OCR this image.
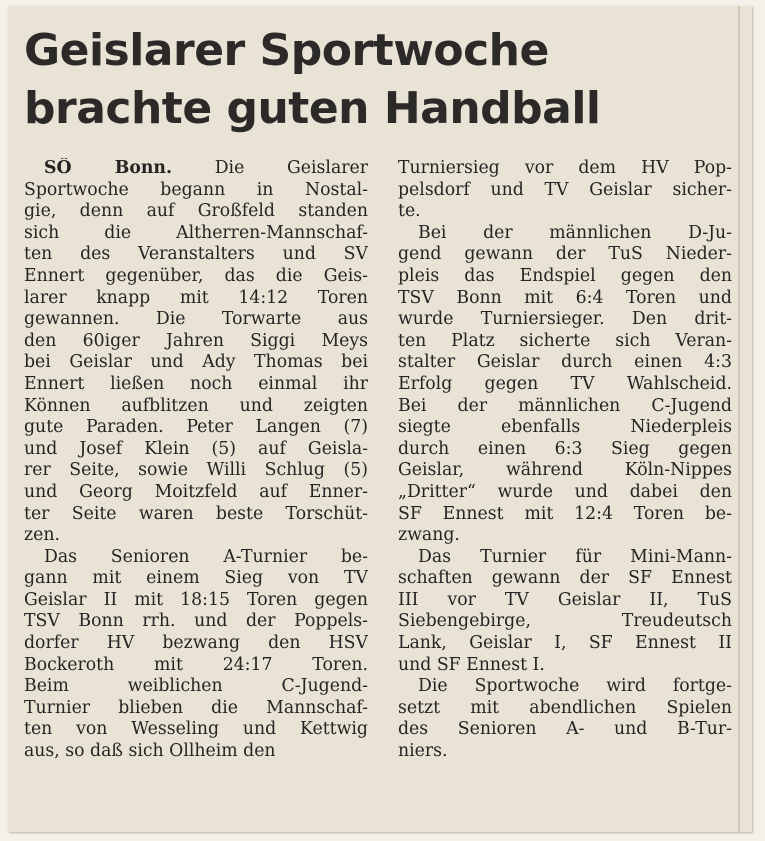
Geislarer Sportwoche
brachte guten Handball
SÖ Bonn. Die Geislarer
Sportwoche begann in Nostal-
gie, denn auf Großfeld standen
sich die Altherren-Mannschaf-
ten des Veranstalters und SV
Ennert gegenüber, das die Geis-
larer knapp mit 14:12 Toren
gewannen. Die Torwarte aus
den 60iger Jahren Siggi Meys
bei Geislar und Ady Thomas bei
Ennert ließen noch einmal ihr
Können aufblitzen und zeigten
gute Paraden. Peter Langen (7)
und Josef Klein (5) auf Geisla-
rer Seite, sowie Willi Schlug (5)
und Georg Moitzfeld auf Enner-
ter Seite waren beste Torschüt-
zen.
Das Senioren A-Turnier be-
gann mit einem Sieg von TV
Geislar II mit 18:15 Toren gegen
TSV Bonn rrh. und der Poppels-
dorfer HV bezwang den HSV
Bockeroth mit 24:17 Toren.
Beim weiblichen C-Jugend-
Turnier blieben die Mannschaf-
ten von Wesseling und Kettwig
aus, so daß sich Ollheim den
Turniersieg vor dem HV Pop-
pelsdorf und TV Geislar sicher-
te.
Bei der männlichen D-Ju-
gend gewann der TuS Nieder-
pleis das Endspiel gegen den
TSV Bonn mit 6:4 Toren und
wurde Turniersieger. Den drit-
ten Platz sicherte sich Veran-
stalter Geislar durch einen 4:3
Erfolg gegen TV Wahlscheid.
Bei der männlichen C-Jugend
siegte ebenfalls Niederpleis
durch einen 6:3 Sieg gegen
Geislar, während Köln-Nippes
„Dritter“ wurde und dabei den
SF Ennest mit 12:4 Toren be-
zwang.
Das Turnier für Mini-Mann-
schaften gewann der SF Ennest
III vor TV Geislar II, TuS
Siebengebirge, Treudeutsch
Lank, Geislar I, SF Ennest II
und SF Ennest I.
Die Sportwoche wird fortge-
setzt mit abendlichen Spielen
des Senioren A- und B-Tur-
niers.
